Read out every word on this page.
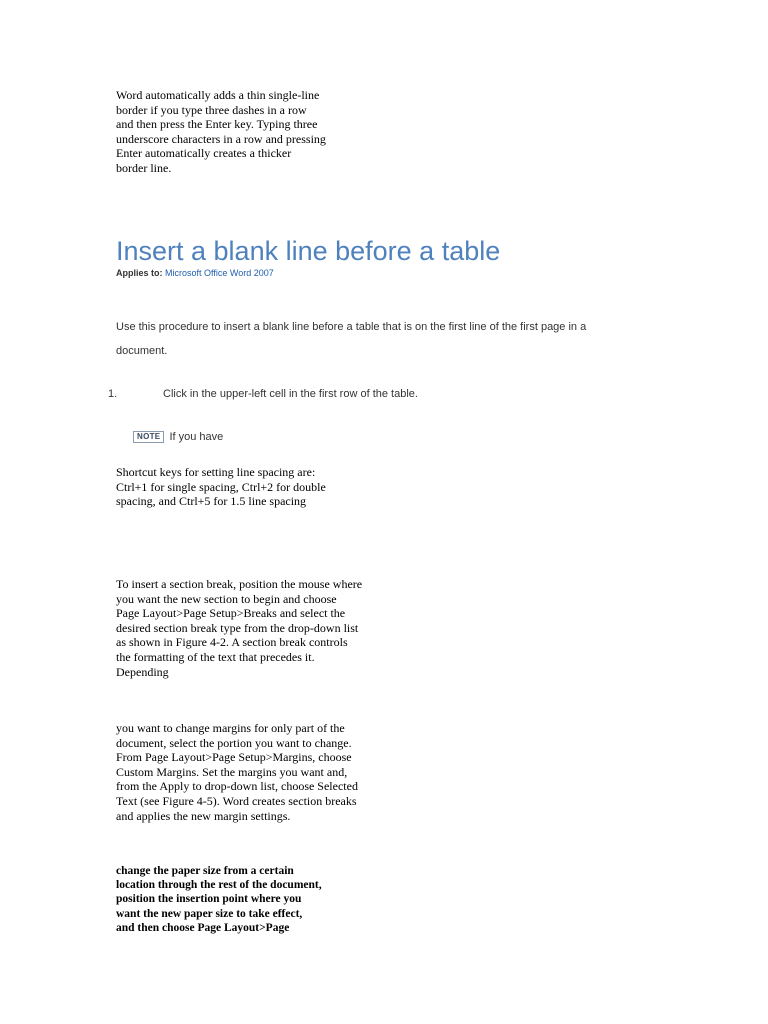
Word automatically adds a thin single-line
border if you type three dashes in a row
and then press the Enter key. Typing three
underscore characters in a row and pressing
Enter automatically creates a thicker
border line.
Insert a blank line before a table
Applies to: Microsoft Office Word 2007

Use this procedure to insert a blank line before a table that is on the first line of the first page in a document.

1.	Click in the upper-left cell in the first row of the table.
NOTE If you have
Shortcut keys for setting line spacing are:
Ctrl+1 for single spacing, Ctrl+2 for double
spacing, and Ctrl+5 for 1.5 line spacing
To insert a section break, position the mouse where
you want the new section to begin and choose
Page Layout>Page Setup>Breaks and select the
desired section break type from the drop-down list
as shown in Figure 4-2. A section break controls
the formatting of the text that precedes it.
Depending
you want to change margins for only part of the
document, select the portion you want to change.
From Page Layout>Page Setup>Margins, choose
Custom Margins. Set the margins you want and,
from the Apply to drop-down list, choose Selected
Text (see Figure 4-5). Word creates section breaks
and applies the new margin settings.
change the paper size from a certain
location through the rest of the document,
position the insertion point where you
want the new paper size to take effect,
and then choose Page Layout>Page
